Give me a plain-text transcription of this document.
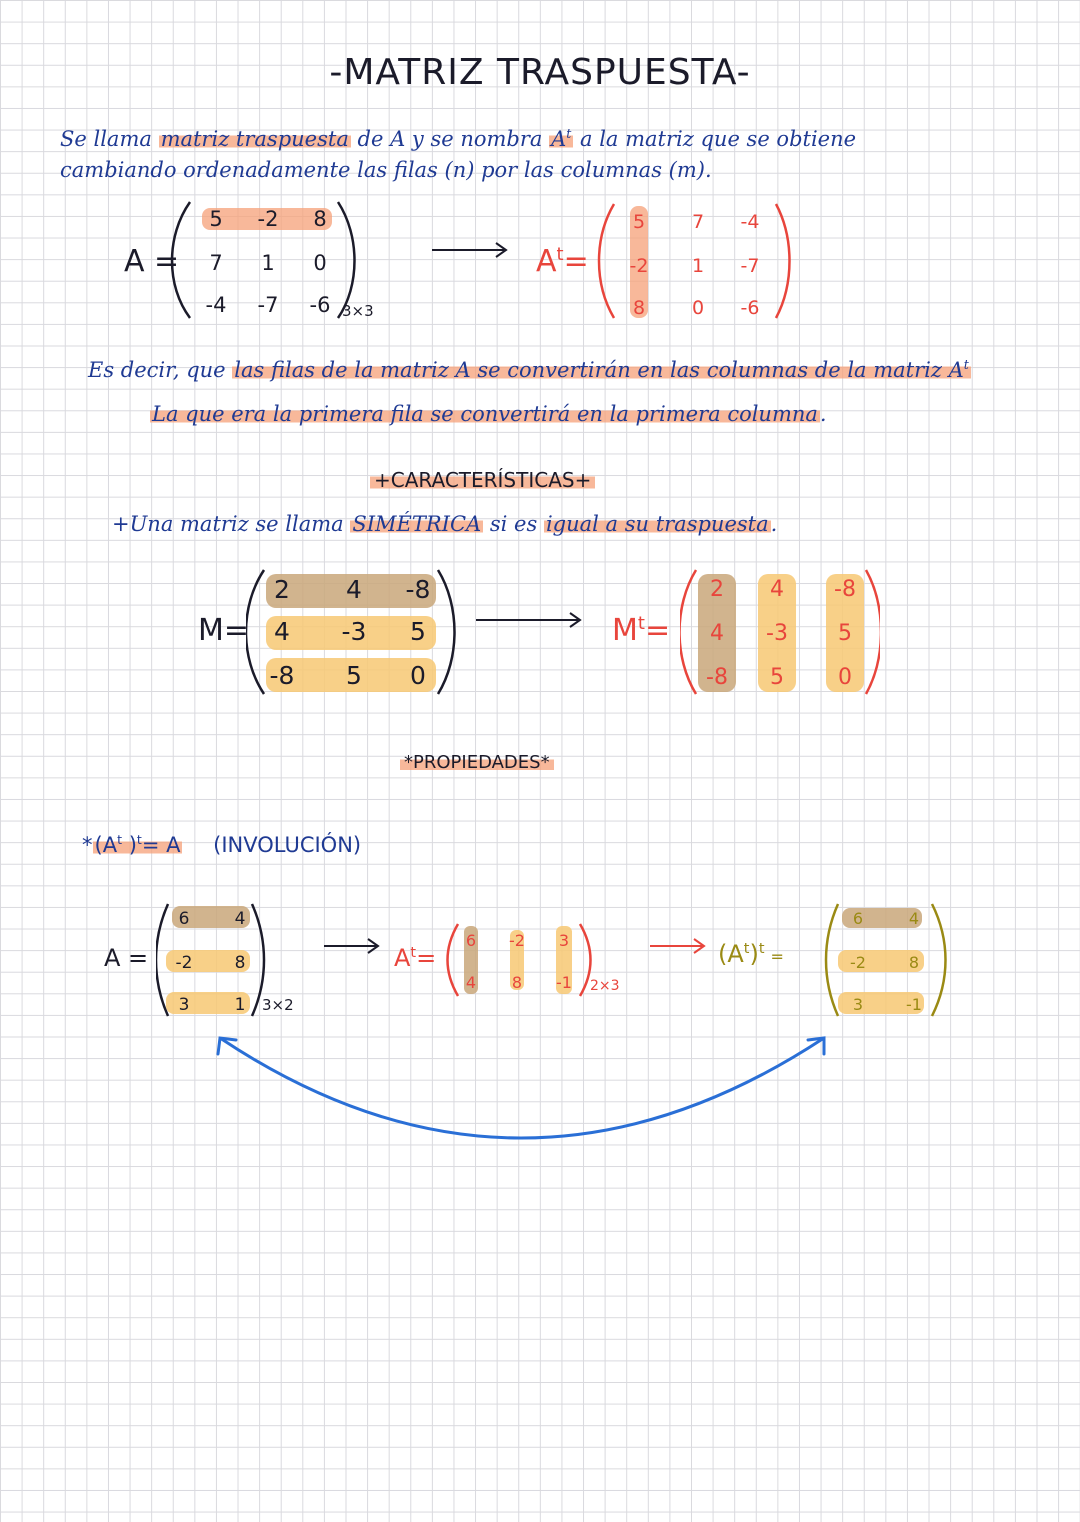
-MATRIZ TRASPUESTA-
Se llama matriz traspuesta de A y se nombra $A^t$ a la matriz que se obtiene
cambiando ordenadamente las filas (n) por las columnas (m).
A =
5 -2 8
7 1 0
-4 -7 -6 3×3
$A^t=$
5 7 -4
-2 1 -7
8 0 -6
Es decir, que las filas de la matriz A se convertirán en las columnas de la matriz $A^t$
La que era la primera fila se convertirá en la primera columna.
+CARACTERÍSTICAS+
+Una matriz se llama SIMÉTRICA si es igual a su traspuesta.
M=
2 4 -8
4 -3 5
-8 5 0
$M^t=$
2 4 -8
4 -3 5
-8 5 0
*PROPIEDADES*
$*(A^t$ )$^t$= A (INVOLUCIÓN)
A =
6	4
-2 8
3	1 3×2
$A^t=$
6 -2 3
4 8 -1 2×3
$(A^t)^t$ =
6	4
-2	8
3	-1
